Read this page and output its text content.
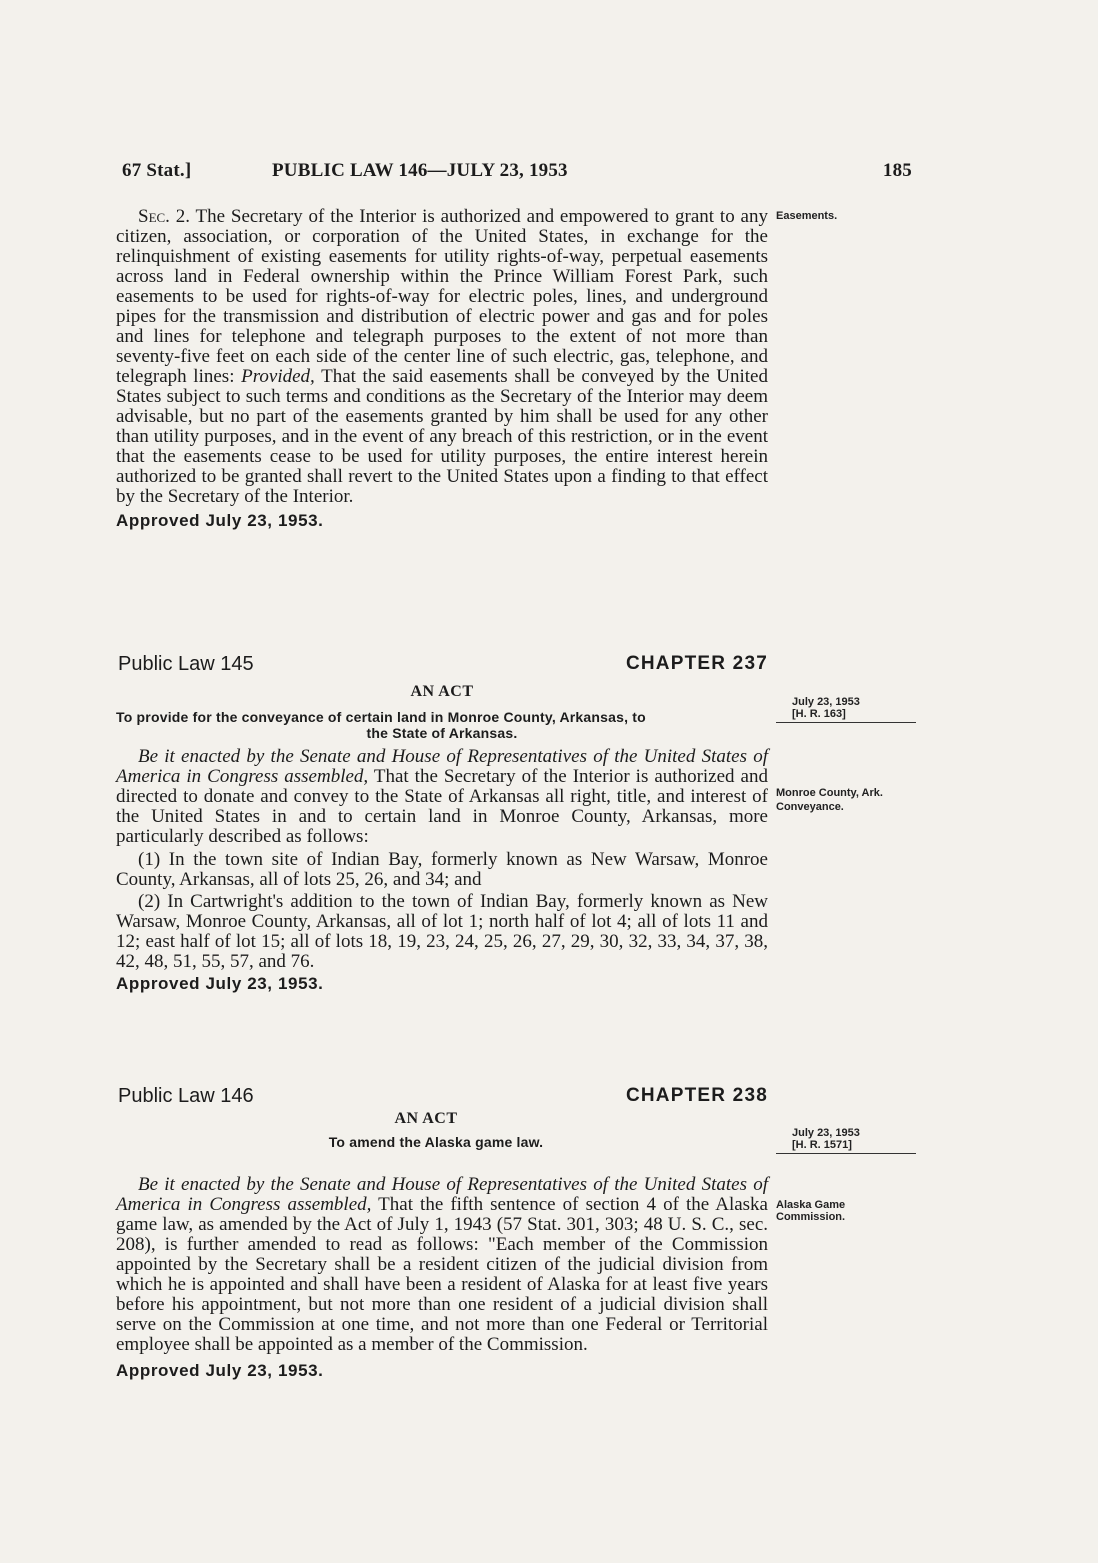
67 Stat.]	PUBLIC LAW 146—JULY 23, 1953	185

Sec. 2. The Secretary of the Interior is authorized and empowered to grant to any citizen, association, or corporation of the United States, in exchange for the relinquishment of existing easements for utility rights-of-way, perpetual easements across land in Federal ownership within the Prince William Forest Park, such easements to be used for rights-of-way for electric poles, lines, and underground pipes for the transmission and distribution of electric power and gas and for poles and lines for telephone and telegraph purposes to the extent of not more than seventy-five feet on each side of the center line of such electric, gas, telephone, and telegraph lines: Provided, That the said easements shall be conveyed by the United States subject to such terms and conditions as the Secretary of the Interior may deem advisable, but no part of the easements granted by him shall be used for any other than utility purposes, and in the event of any breach of this restriction, or in the event that the easements cease to be used for utility purposes, the entire interest herein authorized to be granted shall revert to the United States upon a finding to that effect by the Secretary of the Interior.

Approved July 23, 1953.

Public Law 145	CHAPTER 237
AN ACT
To provide for the conveyance of certain land in Monroe County, Arkansas, to
the State of Arkansas.

Be it enacted by the Senate and House of Representatives of the United States of America in Congress assembled, That the Secretary of the Interior is authorized and directed to donate and convey to the State of Arkansas all right, title, and interest of the United States in and to certain land in Monroe County, Arkansas, more particularly described as follows:

(1) In the town site of Indian Bay, formerly known as New Warsaw, Monroe County, Arkansas, all of lots 25, 26, and 34; and

(2) In Cartwright's addition to the town of Indian Bay, formerly known as New Warsaw, Monroe County, Arkansas, all of lot 1; north half of lot 4; all of lots 11 and 12; east half of lot 15; all of lots 18, 19, 23, 24, 25, 26, 27, 29, 30, 32, 33, 34, 37, 38, 42, 48, 51, 55, 57, and 76.

Approved July 23, 1953.

Public Law 146	CHAPTER 238
AN ACT
To amend the Alaska game law.

Be it enacted by the Senate and House of Representatives of the United States of America in Congress assembled, That the fifth sentence of section 4 of the Alaska game law, as amended by the Act of July 1, 1943 (57 Stat. 301, 303; 48 U. S. C., sec. 208), is further amended to read as follows: "Each member of the Commission appointed by the Secretary shall be a resident citizen of the judicial division from which he is appointed and shall have been a resident of Alaska for at least five years before his appointment, but not more than one resident of a judicial division shall serve on the Commission at one time, and not more than one Federal or Territorial employee shall be appointed as a member of the Commission.

Approved July 23, 1953.

Easements.
July 23, 1953
[H. R. 163]
Monroe County, Ark.
Conveyance.
July 23, 1953
[H. R. 1571]
Alaska Game Commission.
